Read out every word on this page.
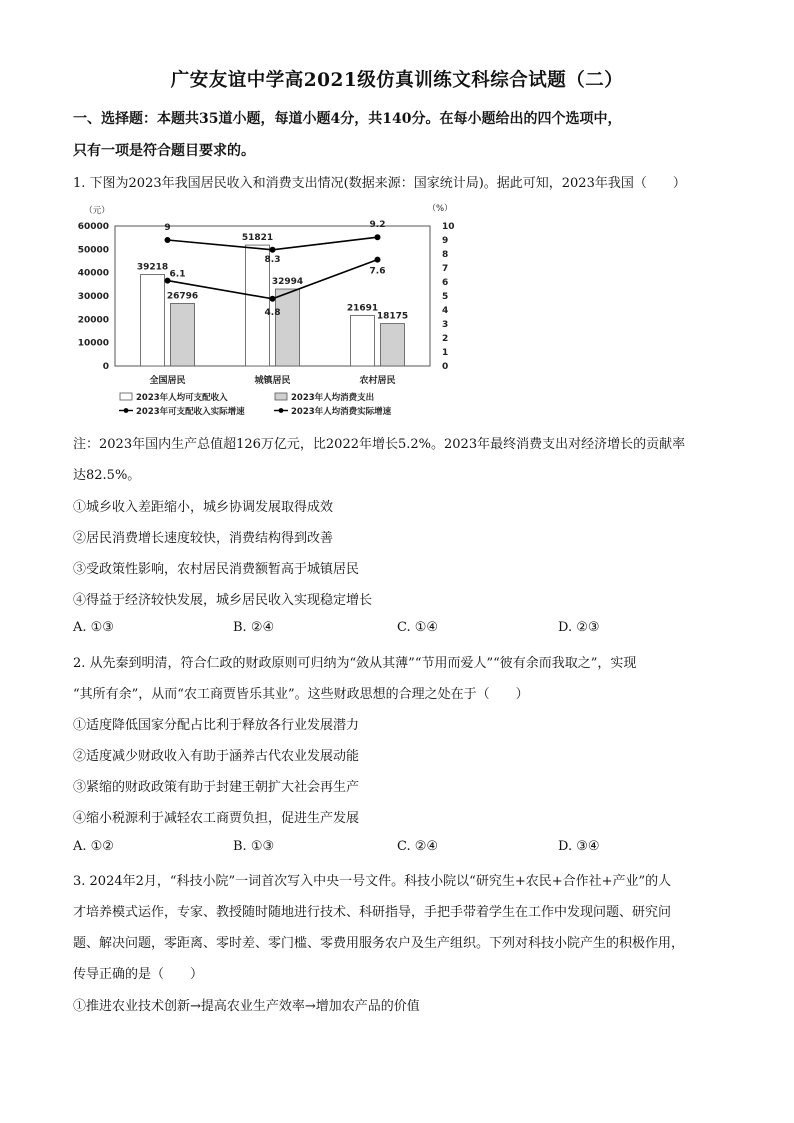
广安友谊中学高2021级仿真训练文科综合试题（二）
一、选择题：本题共35道小题，每道小题4分，共140分。在每小题给出的四个选项中，
只有一项是符合题目要求的。
1. 下图为2023年我国居民收入和消费支出情况(数据来源：国家统计局)。据此可知，2023年我国（　　）
（元）	（%）
0
10000
20000
30000
40000
50000
60000
0
1
2
3
4
5
6
7
8
9
10
39218
26796
全国居民
51821
32994
城镇居民
21691
18175
农村居民
9
8.3
9.2
6.1
4.8
7.6
2023年人均可支配收入	2023年人均消费支出
2023年可支配收入实际增速	2023年人均消费实际增速
注：2023年国内生产总值超126万亿元，比2022年增长5.2%。2023年最终消费支出对经济增长的贡献率
达82.5%。
①城乡收入差距缩小，城乡协调发展取得成效
②居民消费增长速度较快，消费结构得到改善
③受政策性影响，农村居民消费额暂高于城镇居民
④得益于经济较快发展，城乡居民收入实现稳定增长
A. ①③	B. ②④	C. ①④	D. ②③
2. 从先秦到明清，符合仁政的财政原则可归纳为“敛从其薄”“节用而爱人”“彼有余而我取之”，实现
“其所有余”，从而“农工商贾皆乐其业”。这些财政思想的合理之处在于（　　）
①适度降低国家分配占比利于释放各行业发展潜力
②适度减少财政收入有助于涵养古代农业发展动能
③紧缩的财政政策有助于封建王朝扩大社会再生产
④缩小税源利于减轻农工商贾负担，促进生产发展
A. ①②	B. ①③	C. ②④	D. ③④
3. 2024年2月，“科技小院”一词首次写入中央一号文件。科技小院以“研究生+农民+合作社+产业”的人
才培养模式运作，专家、教授随时随地进行技术、科研指导，手把手带着学生在工作中发现问题、研究问
题、解决问题，零距离、零时差、零门槛、零费用服务农户及生产组织。下列对科技小院产生的积极作用，
传导正确的是（　　）
①推进农业技术创新→提高农业生产效率→增加农产品的价值
